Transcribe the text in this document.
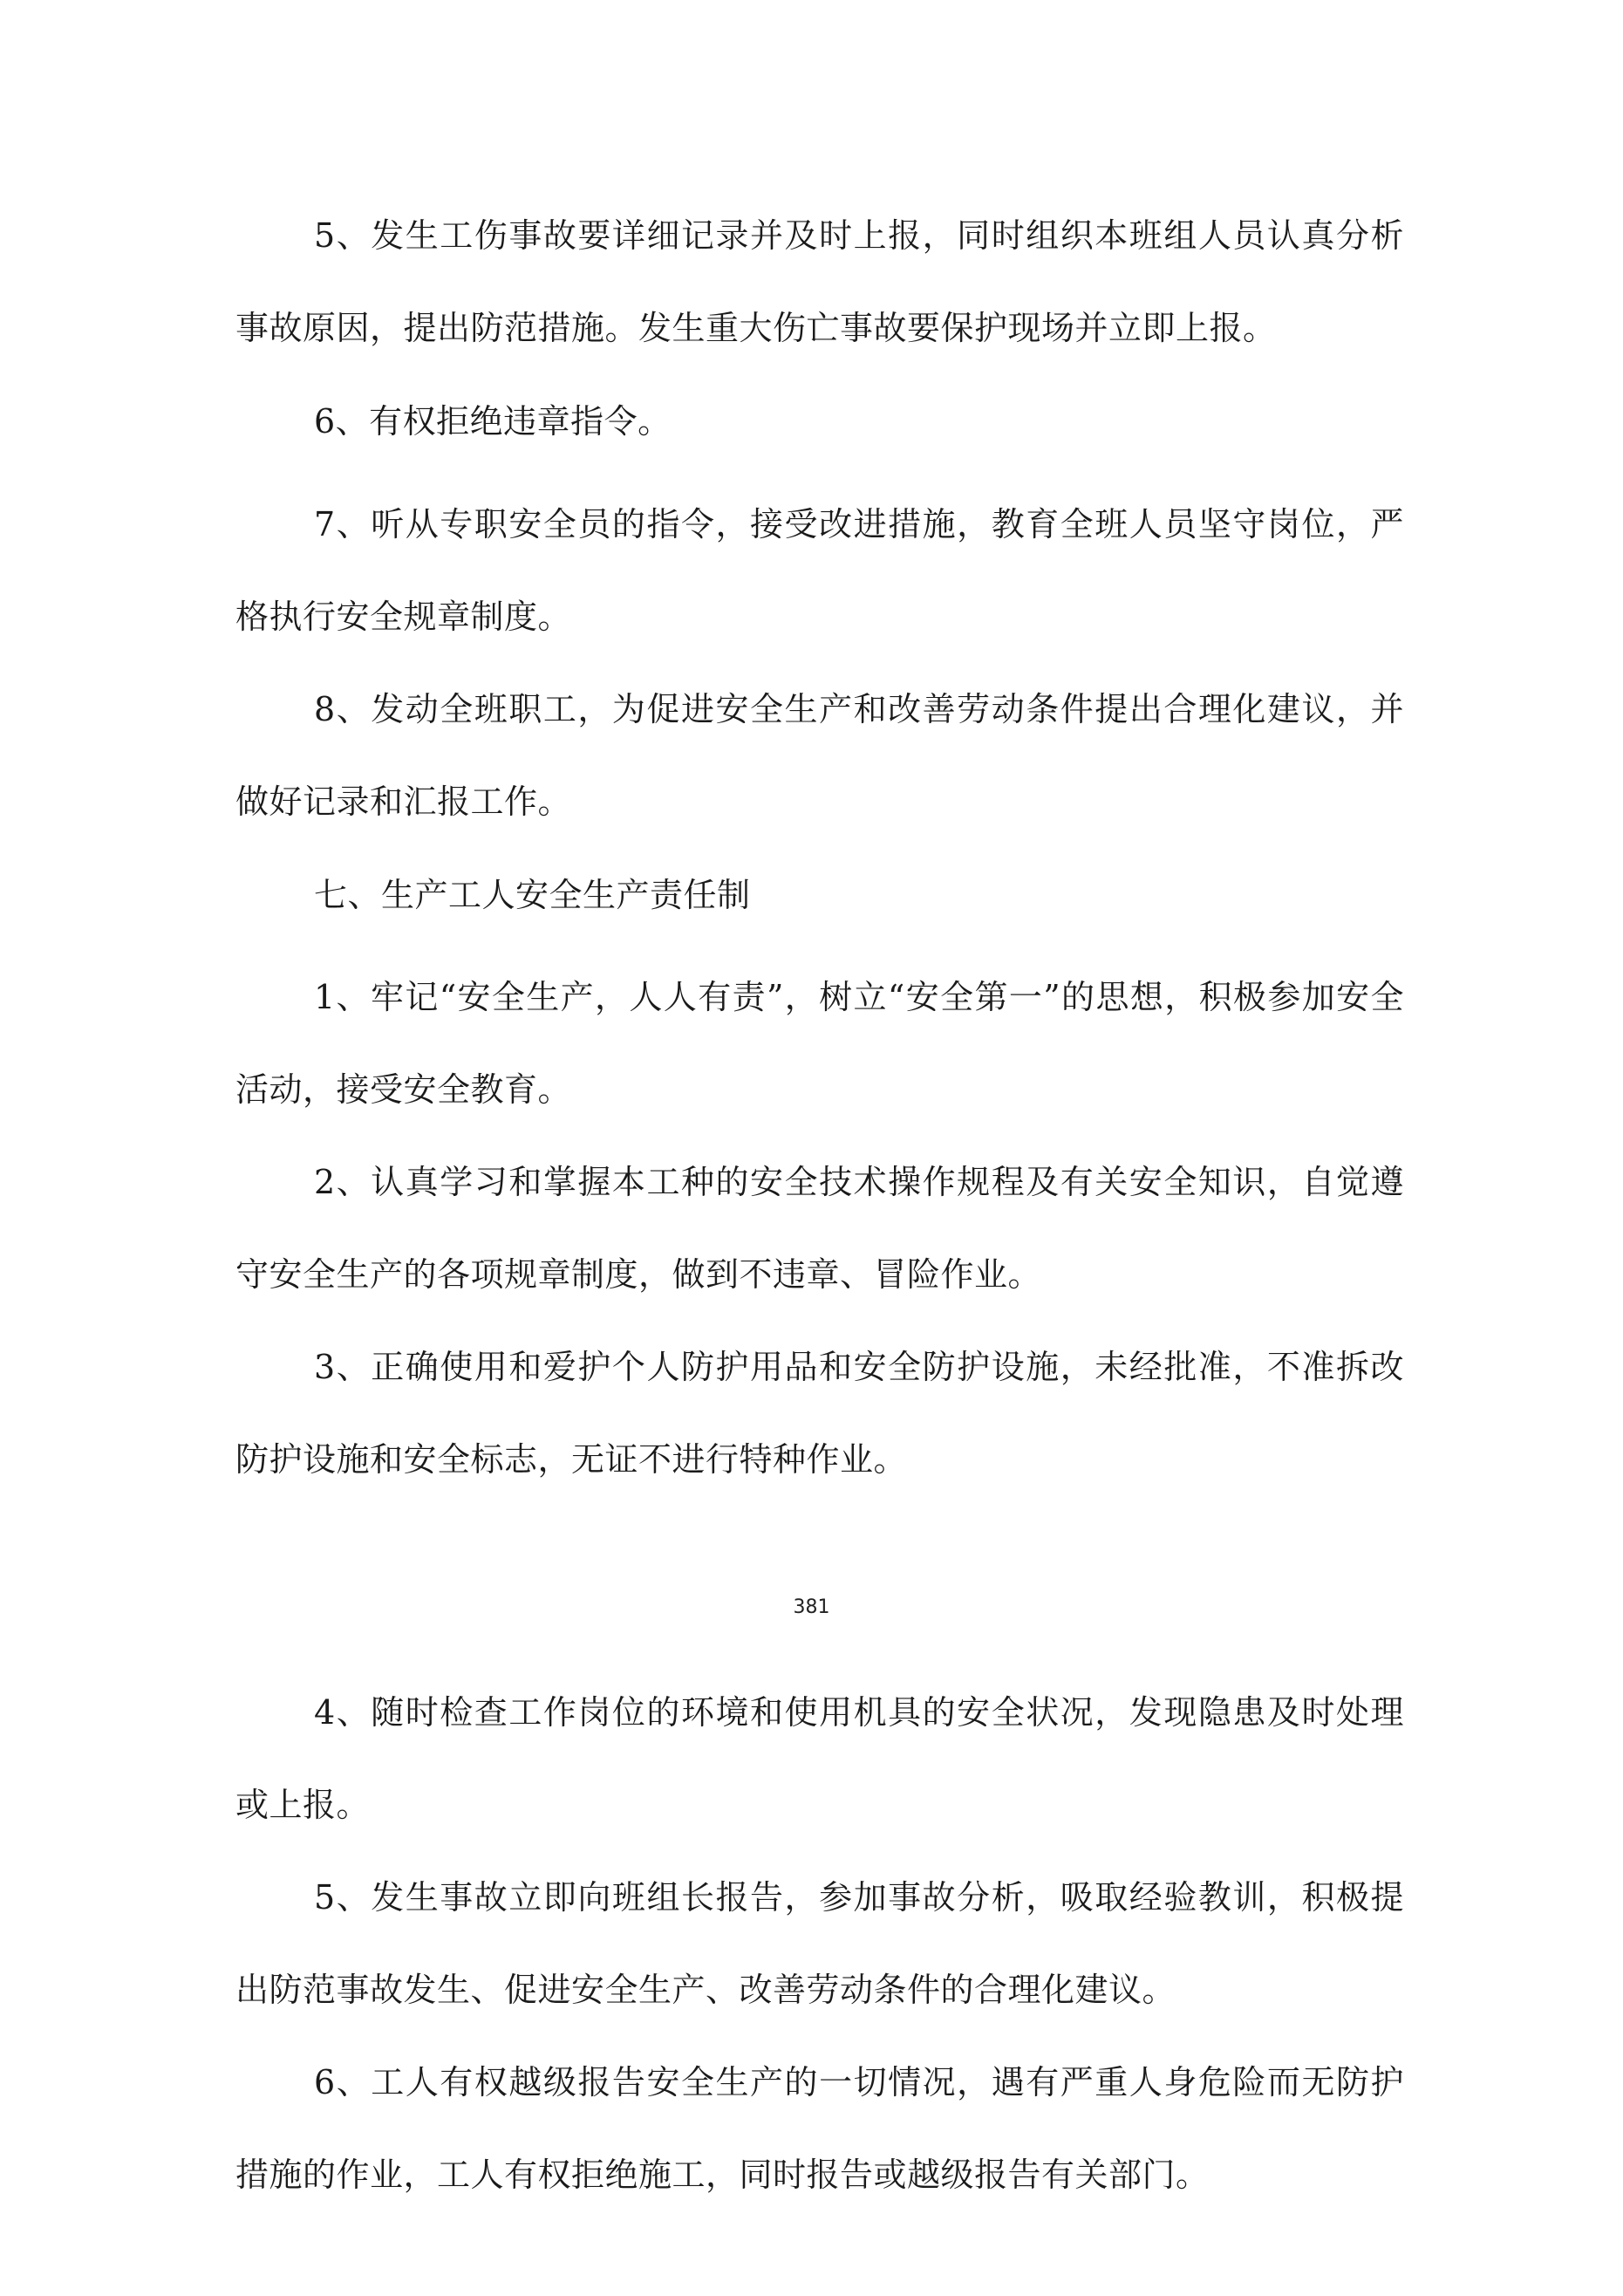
5、发生工伤事故要详细记录并及时上报，同时组织本班组人员认真分析事故原因，提出防范措施。发生重大伤亡事故要保护现场并立即上报。

6、有权拒绝违章指令。

7、听从专职安全员的指令，接受改进措施，教育全班人员坚守岗位，严格执行安全规章制度。

8、发动全班职工，为促进安全生产和改善劳动条件提出合理化建议，并做好记录和汇报工作。

七、生产工人安全生产责任制

1、牢记“安全生产，人人有责”，树立“安全第一”的思想，积极参加安全活动，接受安全教育。

2、认真学习和掌握本工种的安全技术操作规程及有关安全知识，自觉遵守安全生产的各项规章制度，做到不违章、冒险作业。

3、正确使用和爱护个人防护用品和安全防护设施，未经批准，不准拆改防护设施和安全标志，无证不进行特种作业。

381

4、随时检查工作岗位的环境和使用机具的安全状况，发现隐患及时处理或上报。

5、发生事故立即向班组长报告，参加事故分析，吸取经验教训，积极提出防范事故发生、促进安全生产、改善劳动条件的合理化建议。

6、工人有权越级报告安全生产的一切情况，遇有严重人身危险而无防护措施的作业，工人有权拒绝施工，同时报告或越级报告有关部门。
